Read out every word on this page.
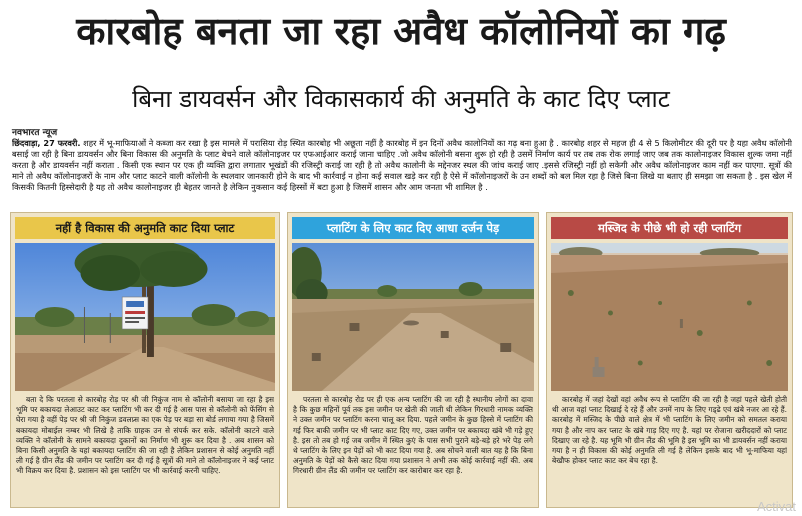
कारबोह बनता जा रहा अवैध कॉलोनियों का गढ़
बिना डायवर्सन और विकासकार्य की अनुमति के काट दिए प्लाट
नवभारत न्यूज
छिंदवाड़ा, 27 फरवरी. शहर में भू-माफियाओं ने कब्जा कर रखा है इस मामले में परासिया रोड़ स्थित कारबोह भी अछूता नहीं है कारबोह में इन दिनों अवैध कालोनियों का गढ़ बना हुआ है . कारबोह शहर से महज ही 4 से 5 किलोमीटर की दूरी पर है यहा अवैध कॉलोनी बसाई जा रही है बिना डायवर्सन और बिना विकास की अनुमति के प्लाट बेचने वाले कॉलोनाइजर पर एफआईआर कराई जाना चाहिए .जो अवैध कॉलोनी बसना शुरू हो रही है उसमें निर्माण कार्य पर तब तक रोक लगाई जाए जब तक कालोनाइजर विकास शुल्क जमा नहीं करता है और डायवर्सन नहीं कराता . किसी एक स्थान पर एक ही व्यक्ति द्वारा लगातार भूखंडों की रजिस्ट्री कराई जा रही है तो अवैध कालोनी के मद्देनजर स्थल की जांच कराई जाए .इससे रजिस्ट्री नहीं हो सकेगी और अवैध कॉलोनाइजर काम नहीं कर पाएगा. सूत्रों की माने तो अवैध कॉलोनाइजरों के नाम और प्लाट काटने वाली कॉलोनी के स्थलवार जानकारी होने के बाद भी कार्रवाई न होना कई सवाल खड़े कर रही है ऐसे में कॉलोनाइजरों के उन शब्दों को बल मिल रहा है जिसे बिना लिखे या बताए ही समझा जा सकता है . इस खेल में किसकी कितनी हिस्सेदारी है यह तो अवैध कालोनाइजर ही बेहतर जानते है लेकिन नुकसान कई हिस्सों में बटा हुआ है जिसमें शासन और आम जनता भी शामिल है .
नहीं है विकास की अनुमति काट दिया प्लाट
बता दे कि परतला से कारबोह रोड़ पर श्री जी निकुंज नाम से कॉलोनी बसाया जा रहा है इस भूमि पर बकायदा लेआउट काट कर प्लाटिंग भी कर दी गई है आस पास से कॉलोनी को फेंसिंग से घेरा गया है वहीं पेड़ पर श्री जी निकुंज डवलप्र्स का एक पेड़ पर बड़ा सा बोर्ड लगाया गया है जिसमें बकायदा मोबाईल नम्बर भी लिखे है ताकि ग्राहक उन से संपर्क कर सके. कॉलोनी काटने वाले व्यक्ति ने कॉलोनी के सामने बकायदा दुकानों का निर्माण भी शुरू कर दिया है . अब शासन को बिना किसी अनुमति के यहां बकायदा प्लाटिंग की जा रही है लेकिन प्रशासन से कोई अनुमति नहीं ली गई है ग्रीन लैंड की जमीन पर प्लाटिंग कर दी गई है सूत्रों की माने तो कॉलोनाइजर ने कई प्लाट भी विक्रय कर दिया है. प्रशासन को इस प्लाटिंग पर भी कार्रवाई करनी चाहिए.
प्लाटिंग के लिए काट दिए आधा दर्जन पेड़
परतला से कारबोह रोड पर ही एक अन्य प्लाटिंग की जा रही है स्थानीय लोगों का दावा है कि कुछ महिनों पूर्व तक इस जमीन पर खेती की जाती थी लेकिन गिरधारी नामक व्यक्ति ने उक्त जमीन पर प्लाटिंग करना चालू कर दिया. पहले जमीन के कुछ हिस्से में प्लाटिंग की गई फिर बाकी जमीन पर भी प्लाट काट दिए गए, उक्त जमीन पर बकायदा खंबे भी गड़े हुए है. इस तो तब हो गई जब जमीन में स्थित कुएं के पास सभी पुराने बड़े-बड़े हरे भरे पेड़ लगे थे प्लाटिंग के लिए इन पेड़ों को भी काट दिया गया है. अब सोचने वाली बात यह है कि बिना अनुमति के पेड़ों को कैसे काट दिया गया प्रशासन ने अभी तक कोई कार्रवाई नहीं की. अब गिरधारी ग्रीन लैंड की जमीन पर प्लाटिंग कर कारोबार कर रहा है.
मस्जिद के पीछे भी हो रही प्लाटिंग
कारबोह में जहां देखों वहां अवैध रूप से प्लाटिंग की जा रही है जहां पहले खेती होती थी आज वहां प्लाट दिखाई दे रहे हैं और उनमें नाप के लिए गड्‌ढे एवं खंबे नजर आ रहे हैं. कारबोह में मस्जिद के पीछे वाले क्षेत्र में भी प्लाटिंग के लिए जमीन को समतल कराया गया है और नाप कर प्लाट के खंबे गाड़ दिए गए है. यहां पर रोजाना खरीददारों को प्लाट दिखाए जा रहे है. यह भूमि भी ग्रीन लैंड की भूमि है इस भूमि का भी डायवर्सन नहीं कराया गया है न ही विकास की कोई अनुमति ली गई है लेकिन इसके बाद भी भू-माफिया यहां बेखौफ होकर प्लाट काट कर बेच रहा है.
Activat
